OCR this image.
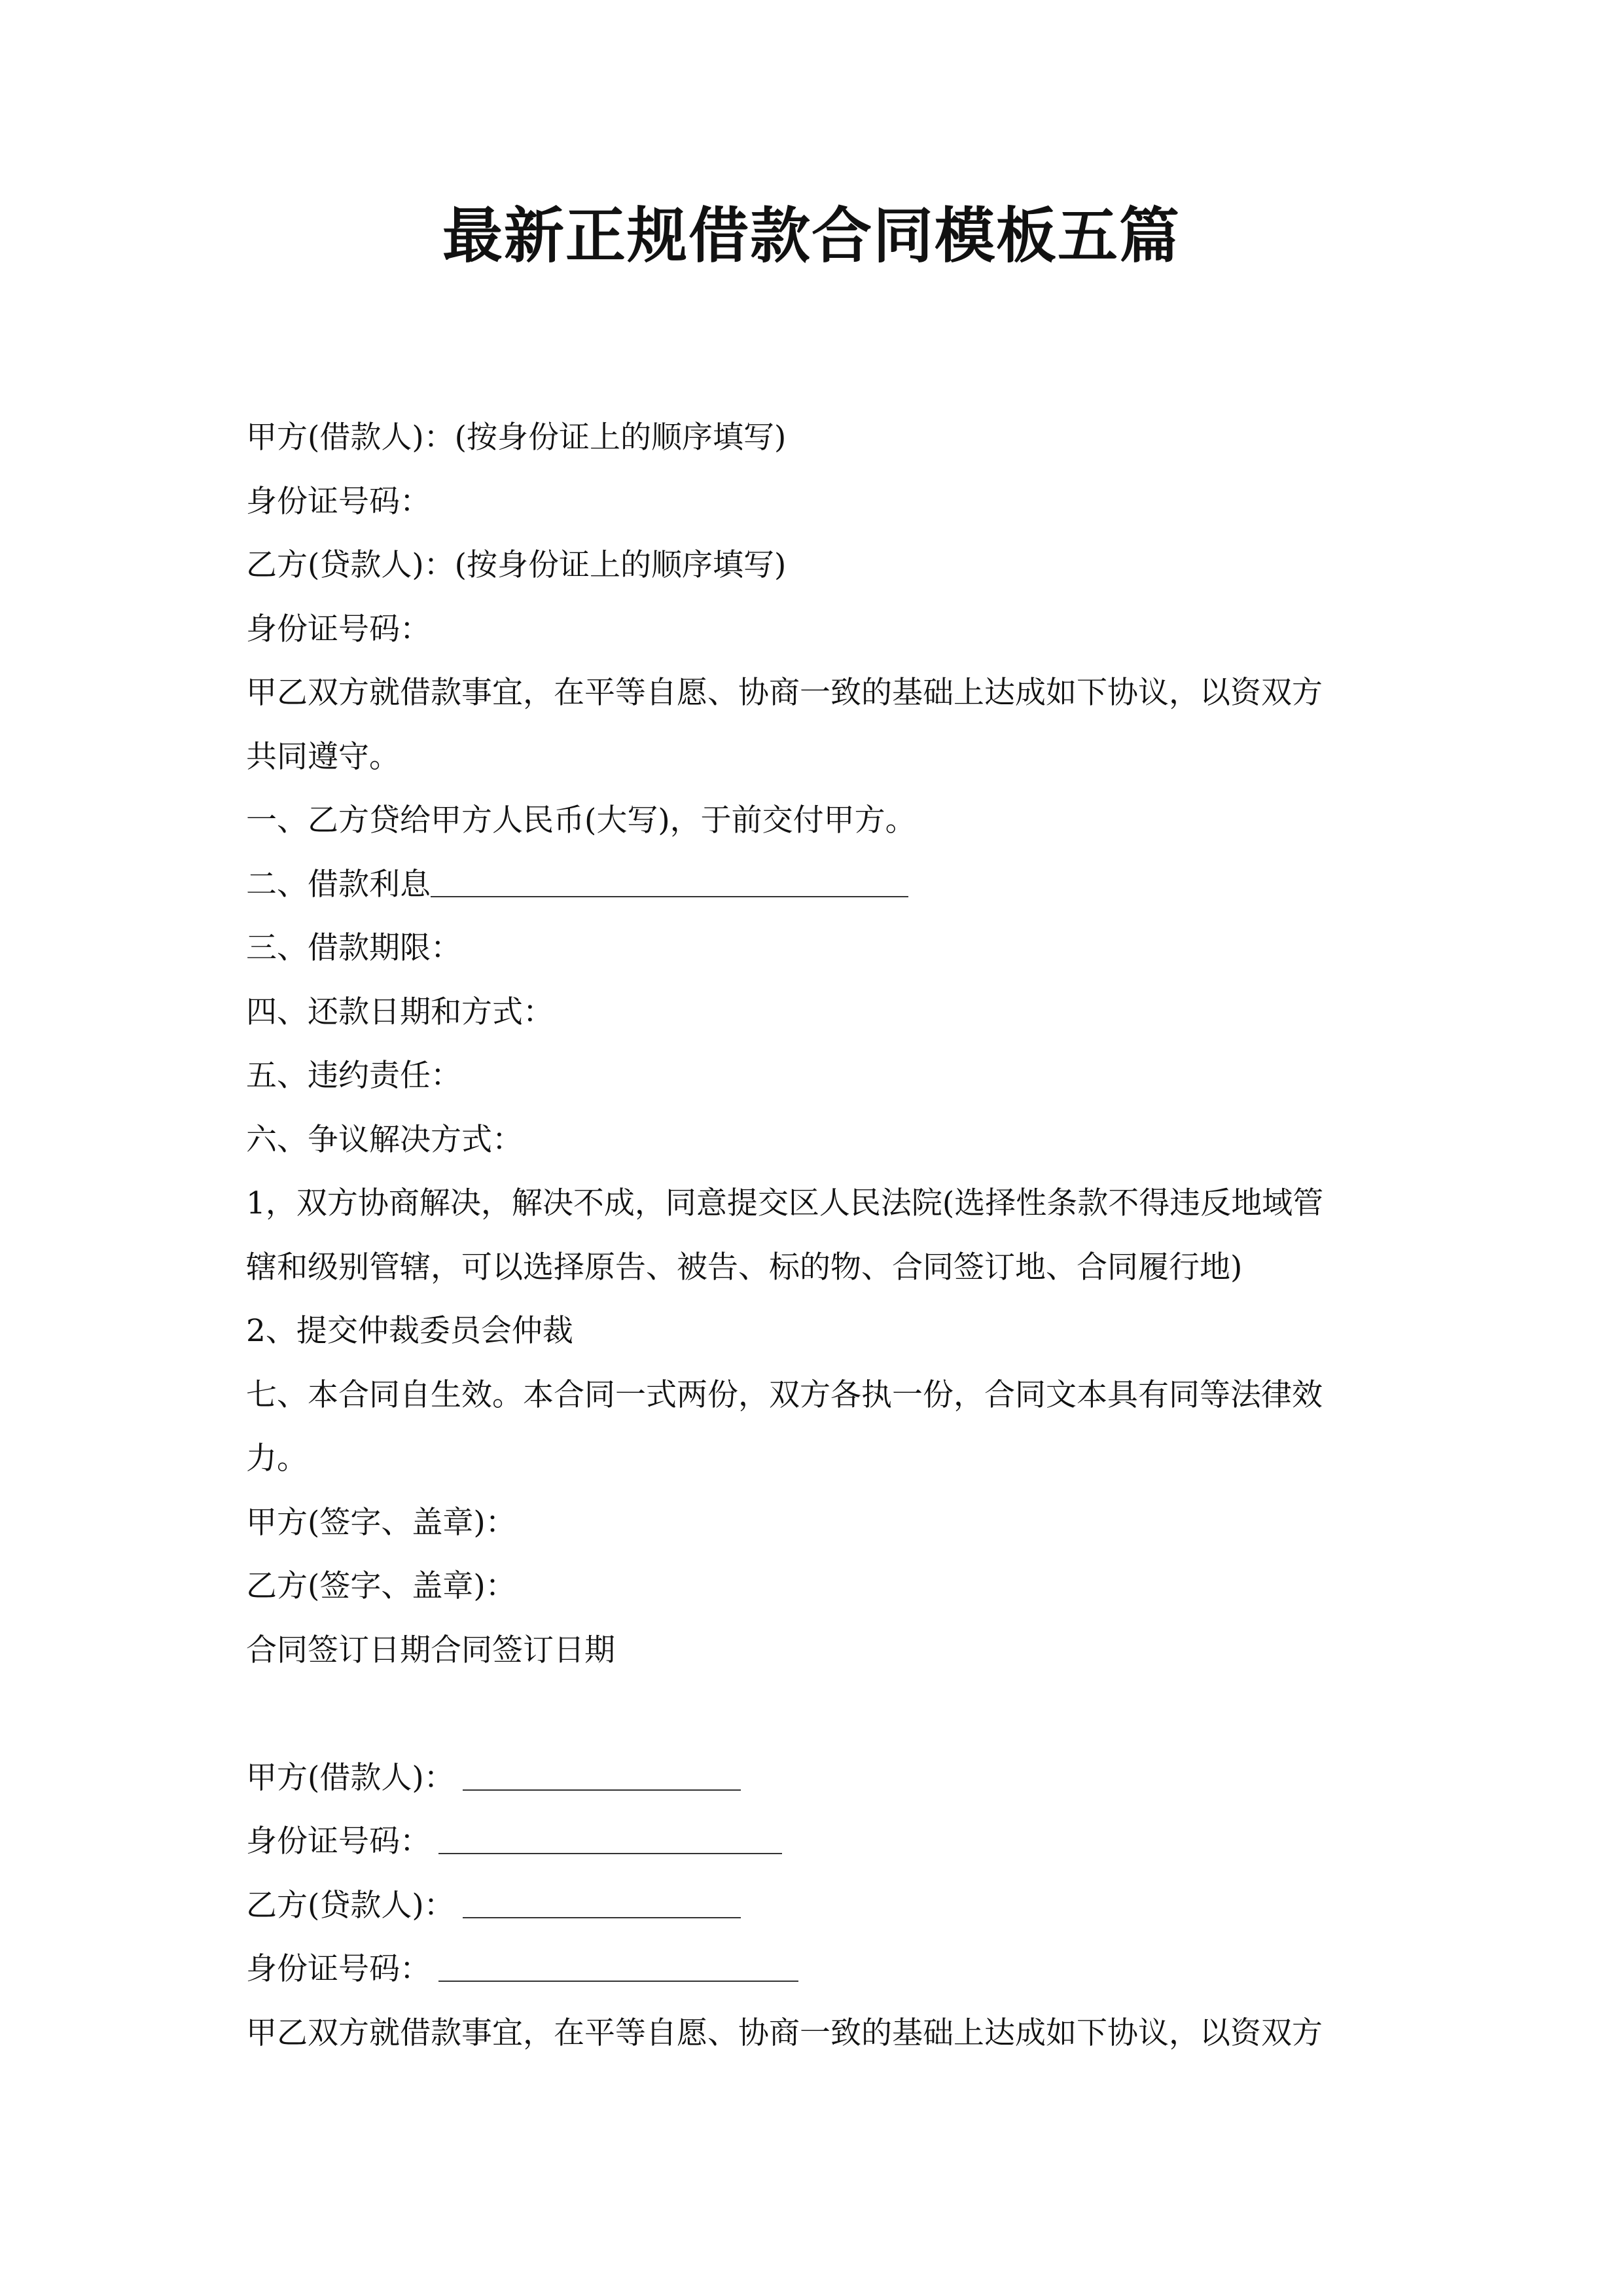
最新正规借款合同模板五篇
甲方(借款人)：(按身份证上的顺序填写)
身份证号码：
乙方(贷款人)：(按身份证上的顺序填写)
身份证号码：
甲乙双方就借款事宜，在平等自愿、协商一致的基础上达成如下协议，以资双方
共同遵守。
一、乙方贷给甲方人民币(大写)，于前交付甲方。
二、借款利息
三、借款期限：
四、还款日期和方式：
五、违约责任：
六、争议解决方式：
1，双方协商解决，解决不成，同意提交区人民法院(选择性条款不得违反地域管
辖和级别管辖，可以选择原告、被告、标的物、合同签订地、合同履行地)
2、提交仲裁委员会仲裁
七、本合同自生效。本合同一式两份，双方各执一份，合同文本具有同等法律效
力。
甲方(签字、盖章)：
乙方(签字、盖章)：
合同签订日期合同签订日期
甲方(借款人)：
身份证号码：
乙方(贷款人)：
身份证号码：
甲乙双方就借款事宜，在平等自愿、协商一致的基础上达成如下协议，以资双方
